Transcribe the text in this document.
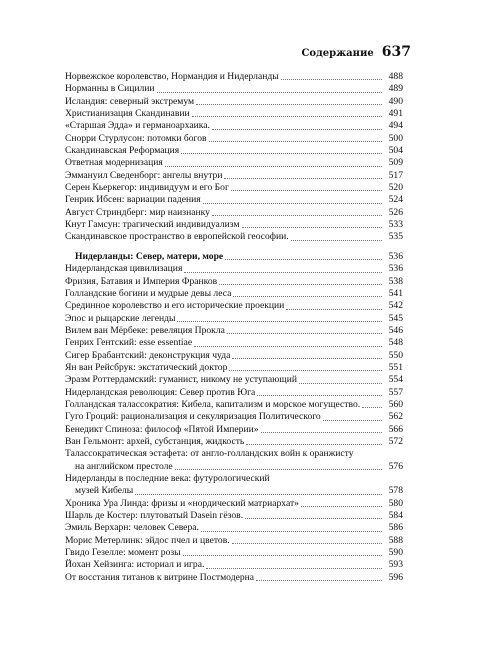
Содержание 637
Норвежское королевство, Нормандия и Нидерланды	488
Норманны в Сицилии	489
Исландия: северный экстремум	490
Христианизация Скандинавии	491
«Старшая Эдда» и германоархаика.	494
Снорри Стурлусон: потомки богов	500
Скандинавская Реформация	504
Ответная модернизация	509
Эммануил Сведенборг: ангелы внутри	517
Серен Кьеркегор: индивидуум и его Бог	520
Генрик Ибсен: вариации падения	524
Август Стриндберг: мир наизнанку	526
Кнут Гамсун: трагический индивидуализм	533
Скандинавское пространство в европейской геософии.	535
Нидерланды: Север, матери, море	536
Нидерландская цивилизация	536
Фризия, Батавия и Империя Франков	538
Голландские богини и мудрые девы леса	541
Срединное королевство и его исторические проекции	542
Эпос и рыцарские легенды	545
Вилем ван Мёрбеке: ревеляция Прокла	546
Генрих Гентский: esse essentiae	548
Сигер Брабантский: деконструкция чуда	550
Ян ван Рейсбрук: экстатический доктор	551
Эразм Роттердамский: гуманист, никому не уступающий	554
Нидерландская революция: Север против Юга	557
Голландская талассократия: Кибела, капитализм и морское могущество.	560
Гуго Гроций: рационализация и секуляризация Политического	562
Бенедикт Спиноза: философ «Пятой Империи»	566
Ван Гельмонт: архей, субстанция, жидкость	572
Талассократическая эстафета: от англо-голландских войн к оранжисту
на английском престоле	576
Нидерланды в последние века: футурологический
музей Кибелы	578
Хроника Ура Линда: фризы и «нордический матриархат»	580
Шарль де Костер: плутоватый Dasein гёзов.	584
Эмиль Верхарн: человек Севера.	586
Морис Метерлинк: эйдос пчел и цветов.	588
Гвидо Гезелле: момент розы	590
Йохан Хейзинга: историал и игра.	593
От восстания титанов к витрине Постмодерна	596
